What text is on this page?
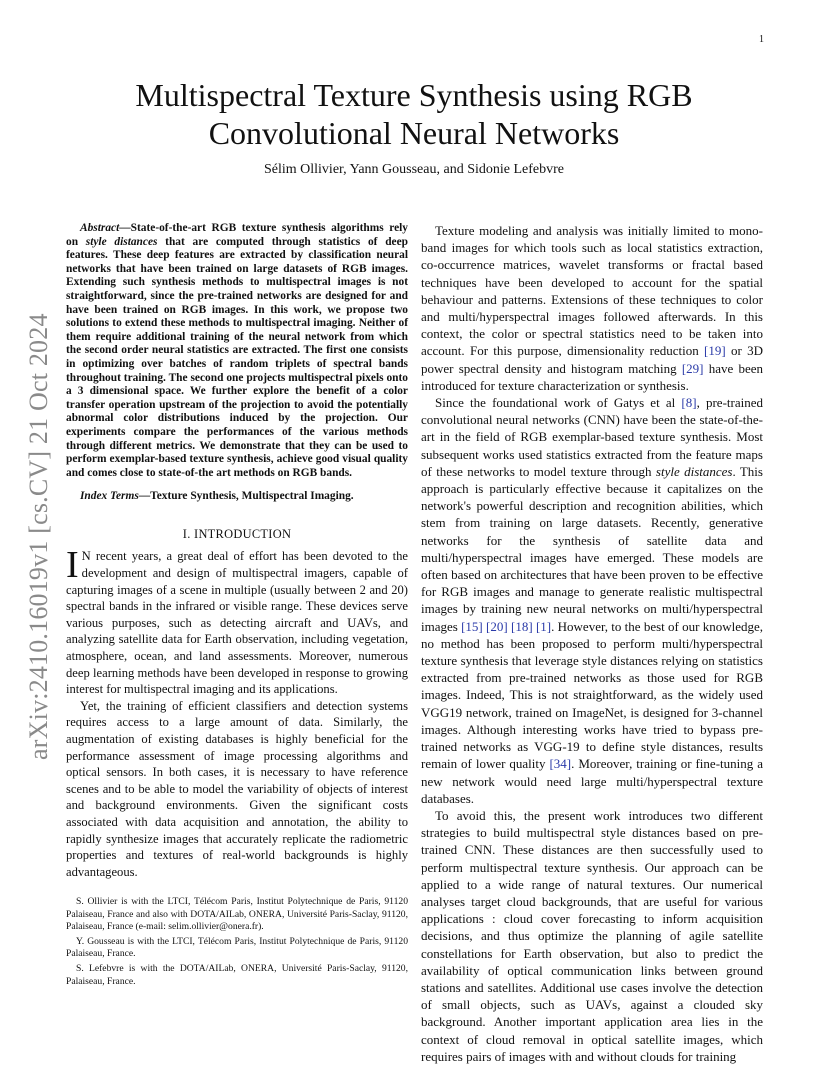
1
arXiv:2410.16019v1 [cs.CV] 21 Oct 2024
Multispectral Texture Synthesis using RGB
Convolutional Neural Networks
Sélim Ollivier, Yann Gousseau, and Sidonie Lefebvre

Abstract—State-of-the-art RGB texture synthesis algorithms rely on style distances that are computed through statistics of deep features. These deep features are extracted by classification neural networks that have been trained on large datasets of RGB images. Extending such synthesis methods to multispectral images is not straightforward, since the pre-trained networks are designed for and have been trained on RGB images. In this work, we propose two solutions to extend these methods to multispectral imaging. Neither of them require additional training of the neural network from which the second order neural statistics are extracted. The first one consists in optimizing over batches of random triplets of spectral bands throughout training. The second one projects multispectral pixels onto a 3 dimensional space. We further explore the benefit of a color transfer operation upstream of the projection to avoid the potentially abnormal color distributions induced by the projection. Our experiments compare the performances of the various methods through different metrics. We demonstrate that they can be used to perform exemplar-based texture synthesis, achieve good visual quality and comes close to state-of-the art methods on RGB bands.

Index Terms—Texture Synthesis, Multispectral Imaging.

I. INTRODUCTION

I N recent years, a great deal of effort has been devoted to the development and design of multispectral imagers, capable of capturing images of a scene in multiple (usually between 2 and 20) spectral bands in the infrared or visible range. These devices serve various purposes, such as detecting aircraft and UAVs, and analyzing satellite data for Earth observation, including vegetation, atmosphere, ocean, and land assessments. Moreover, numerous deep learning methods have been developed in response to growing interest for multispectral imaging and its applications.

Yet, the training of efficient classifiers and detection systems requires access to a large amount of data. Similarly, the augmentation of existing databases is highly beneficial for the performance assessment of image processing algorithms and optical sensors. In both cases, it is necessary to have reference scenes and to be able to model the variability of objects of interest and background environments. Given the significant costs associated with data acquisition and annotation, the ability to rapidly synthesize images that accurately replicate the radiometric properties and textures of real-world backgrounds is highly advantageous.

S. Ollivier is with the LTCI, Télécom Paris, Institut Polytechnique de Paris, 91120 Palaiseau, France and also with DOTA/AILab, ONERA, Université Paris-Saclay, 91120, Palaiseau, France (e-mail: selim.ollivier@onera.fr).

Y. Gousseau is with the LTCI, Télécom Paris, Institut Polytechnique de Paris, 91120 Palaiseau, France.

S. Lefebvre is with the DOTA/AILab, ONERA, Université Paris-Saclay, 91120, Palaiseau, France.

Texture modeling and analysis was initially limited to mono-band images for which tools such as local statistics extraction, co-occurrence matrices, wavelet transforms or fractal based techniques have been developed to account for the spatial behaviour and patterns. Extensions of these techniques to color and multi/hyperspectral images followed afterwards. In this context, the color or spectral statistics need to be taken into account. For this purpose, dimensionality reduction [19] or 3D power spectral density and histogram matching [29] have been introduced for texture characterization or synthesis.

Since the foundational work of Gatys et al [8], pre-trained convolutional neural networks (CNN) have been the state-of-the-art in the field of RGB exemplar-based texture synthesis. Most subsequent works used statistics extracted from the feature maps of these networks to model texture through style distances. This approach is particularly effective because it capitalizes on the network's powerful description and recognition abilities, which stem from training on large datasets. Recently, generative networks for the synthesis of satellite data and multi/hyperspectral images have emerged. These models are often based on architectures that have been proven to be effective for RGB images and manage to generate realistic multispectral images by training new neural networks on multi/hyperspectral images [15] [20] [18] [1]. However, to the best of our knowledge, no method has been proposed to perform multi/hyperspectral texture synthesis that leverage style distances relying on statistics extracted from pre-trained networks as those used for RGB images. Indeed, This is not straightforward, as the widely used VGG19 network, trained on ImageNet, is designed for 3-channel images. Although interesting works have tried to bypass pre-trained networks as VGG-19 to define style distances, results remain of lower quality [34]. Moreover, training or fine-tuning a new network would need large multi/hyperspectral texture databases.

To avoid this, the present work introduces two different strategies to build multispectral style distances based on pre-trained CNN. These distances are then successfully used to perform multispectral texture synthesis. Our approach can be applied to a wide range of natural textures. Our numerical analyses target cloud backgrounds, that are useful for various applications : cloud cover forecasting to inform acquisition decisions, and thus optimize the planning of agile satellite constellations for Earth observation, but also to predict the availability of optical communication links between ground stations and satellites. Additional use cases involve the detection of small objects, such as UAVs, against a clouded sky background. Another important application area lies in the context of cloud removal in optical satellite images, which requires pairs of images with and without clouds for training
